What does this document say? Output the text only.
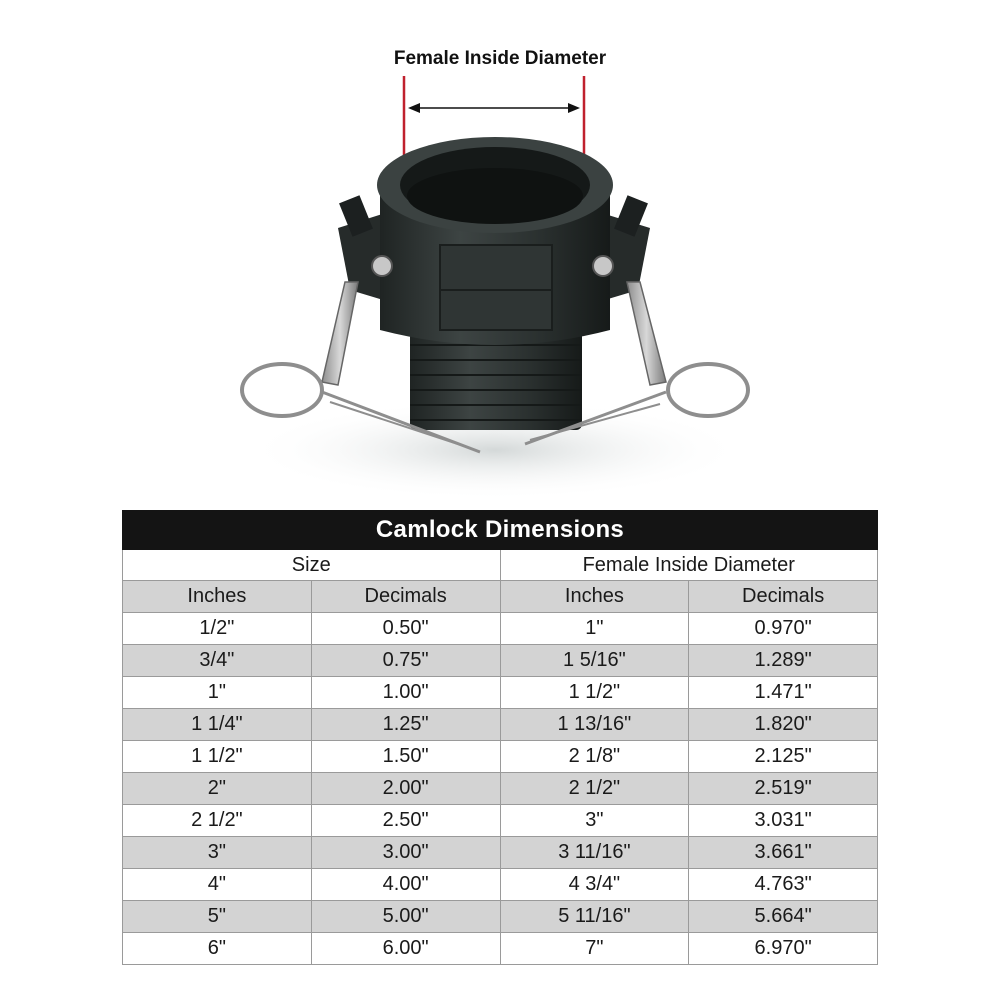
Female Inside Diameter
Camlock Dimensions			
Size		Female Inside Diameter	
Inches	Decimals	Inches	Decimals
1/2"	0.50"	1"	0.970"
3/4"	0.75"	1 5/16"	1.289"
1"	1.00"	1 1/2"	1.471"
1 1/4"	1.25"	1 13/16"	1.820"
1 1/2"	1.50"	2 1/8"	2.125"
2"	2.00"	2 1/2"	2.519"
2 1/2"	2.50"	3"	3.031"
3"	3.00"	3 11/16"	3.661"
4"	4.00"	4 3/4"	4.763"
5"	5.00"	5 11/16"	5.664"
6"	6.00"	7"	6.970"
